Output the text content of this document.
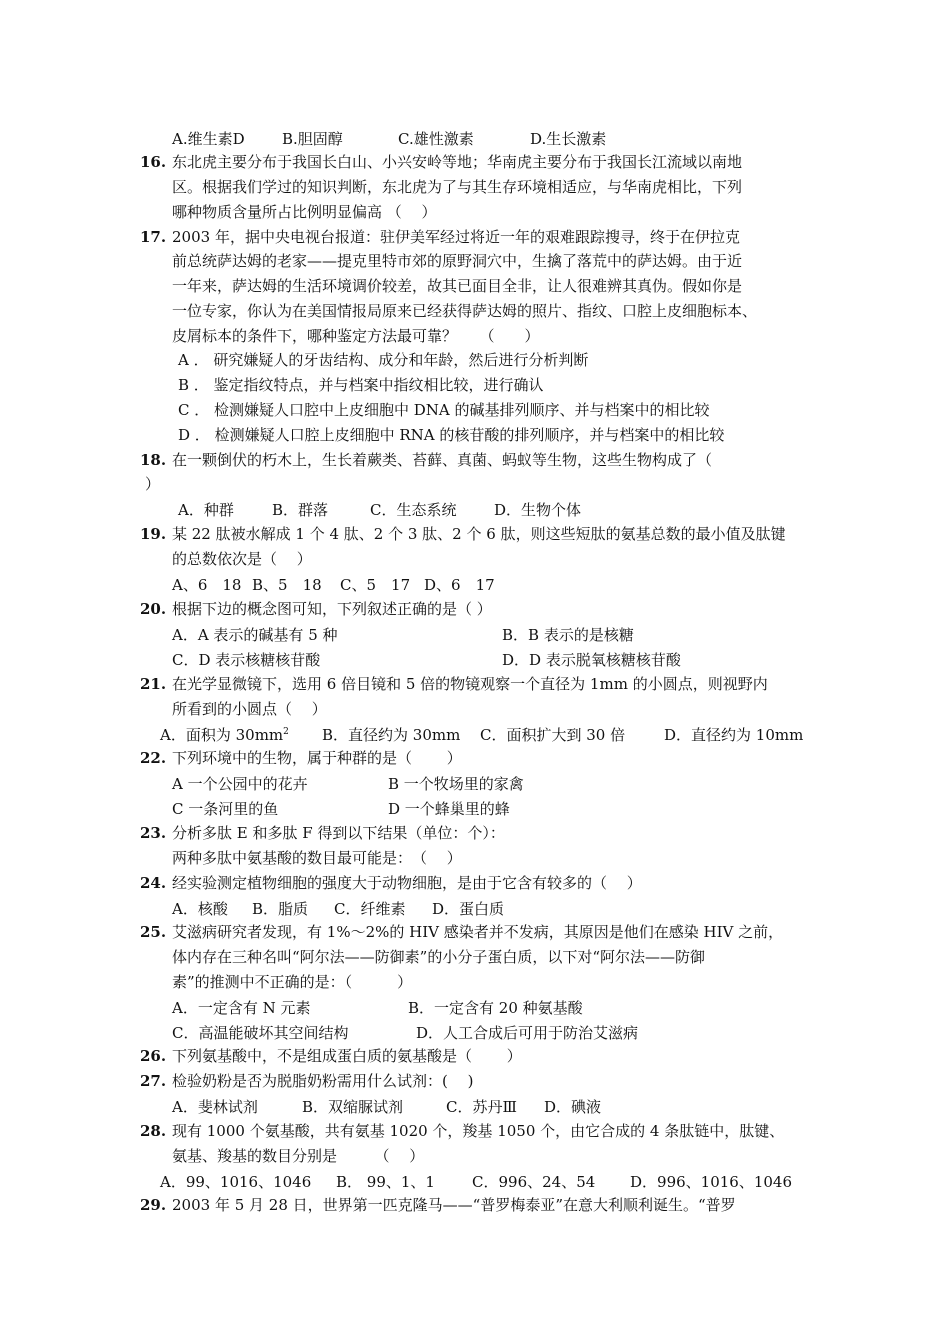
A.维生素D B.胆固醇	C.雄性激素	D.生长激素
16. 东北虎主要分布于我国长白山、小兴安岭等地；华南虎主要分布于我国长江流域以南地
区。根据我们学过的知识判断，东北虎为了与其生存环境相适应，与华南虎相比，下列
哪种物质含量所占比例明显偏高 （　 ）
17. 2003 年，据中央电视台报道：驻伊美军经过将近一年的艰难跟踪搜寻，终于在伊拉克
前总统萨达姆的老家——提克里特市郊的原野洞穴中，生擒了落荒中的萨达姆。由于近
一年来，萨达姆的生活环境调价较差，故其已面目全非，让人很难辨其真伪。假如你是
一位专家，你认为在美国情报局原来已经获得萨达姆的照片、指纹、口腔上皮细胞标本、
皮屑标本的条件下，哪种鉴定方法最可靠？　　（　　）
A ． 研究嫌疑人的牙齿结构、成分和年龄，然后进行分析判断
B ． 鉴定指纹特点，并与档案中指纹相比较，进行确认
C ． 检测嫌疑人口腔中上皮细胞中 DNA 的碱基排列顺序、并与档案中的相比较
D ． 检测嫌疑人口腔上皮细胞中 RNA 的核苷酸的排列顺序，并与档案中的相比较
18. 在一颗倒伏的朽木上，生长着蕨类、苔藓、真菌、蚂蚁等生物，这些生物构成了（
）
A．种群	B．群落	C．生态系统	D．生物个体
19. 某 22 肽被水解成 1 个 4 肽、2 个 3 肽、2 个 6 肽，则这些短肽的氨基总数的最小值及肽键
的总数依次是（　 ）
A、6　18 B、5　18 C、5　17 D、6　17
20. 根据下边的概念图可知，下列叙述正确的是（ ）
A．A 表示的碱基有 5 种	B．B 表示的是核糖
C．D 表示核糖核苷酸	D．D 表示脱氧核糖核苷酸
21. 在光学显微镜下，选用 6 倍目镜和 5 倍的物镜观察一个直径为 1mm 的小圆点，则视野内
所看到的小圆点（　 ）
A．面积为 $30mm^2$ B．直径约为 30mm C．面积扩大到 30 倍	D．直径约为 10mm
22. 下列环境中的生物，属于种群的是（　　 ）
A 一个公园中的花卉	B 一个牧场里的家禽
C 一条河里的鱼	D 一个蜂巢里的蜂
23. 分析多肽 E 和多肽 F 得到以下结果（单位：个）：
两种多肽中氨基酸的数目最可能是：　（　 ）
24. 经实验测定植物细胞的强度大于动物细胞，是由于它含有较多的（　 ）
A．核酸 B．脂质 C．纤维素 D．蛋白质
25. 艾滋病研究者发现，有 1%～2%的 HIV 感染者并不发病，其原因是他们在感染 HIV 之前，
体内存在三种名叫“阿尔法——防御素”的小分子蛋白质，以下对“阿尔法——防御
素”的推测中不正确的是：（　　　）
A．一定含有 N 元素	B．一定含有 20 种氨基酸
C．高温能破坏其空间结构	D．人工合成后可用于防治艾滋病
26. 下列氨基酸中，不是组成蛋白质的氨基酸是（　　 ）
27. 检验奶粉是否为脱脂奶粉需用什么试剂：(　 )
A．斐林试剂	B．双缩脲试剂	C．苏丹Ⅲ D．碘液
28. 现有 1000 个氨基酸，共有氨基 1020 个，羧基 1050 个，由它合成的 4 条肽链中，肽键、
氨基、羧基的数目分别是　　　（　 ）
A．99、1016、1046 B． 99、1、1 C．996、24、54 D．996、1016、1046
29. 2003 年 5 月 28 日，世界第一匹克隆马——“普罗梅泰亚”在意大利顺利诞生。“普罗
